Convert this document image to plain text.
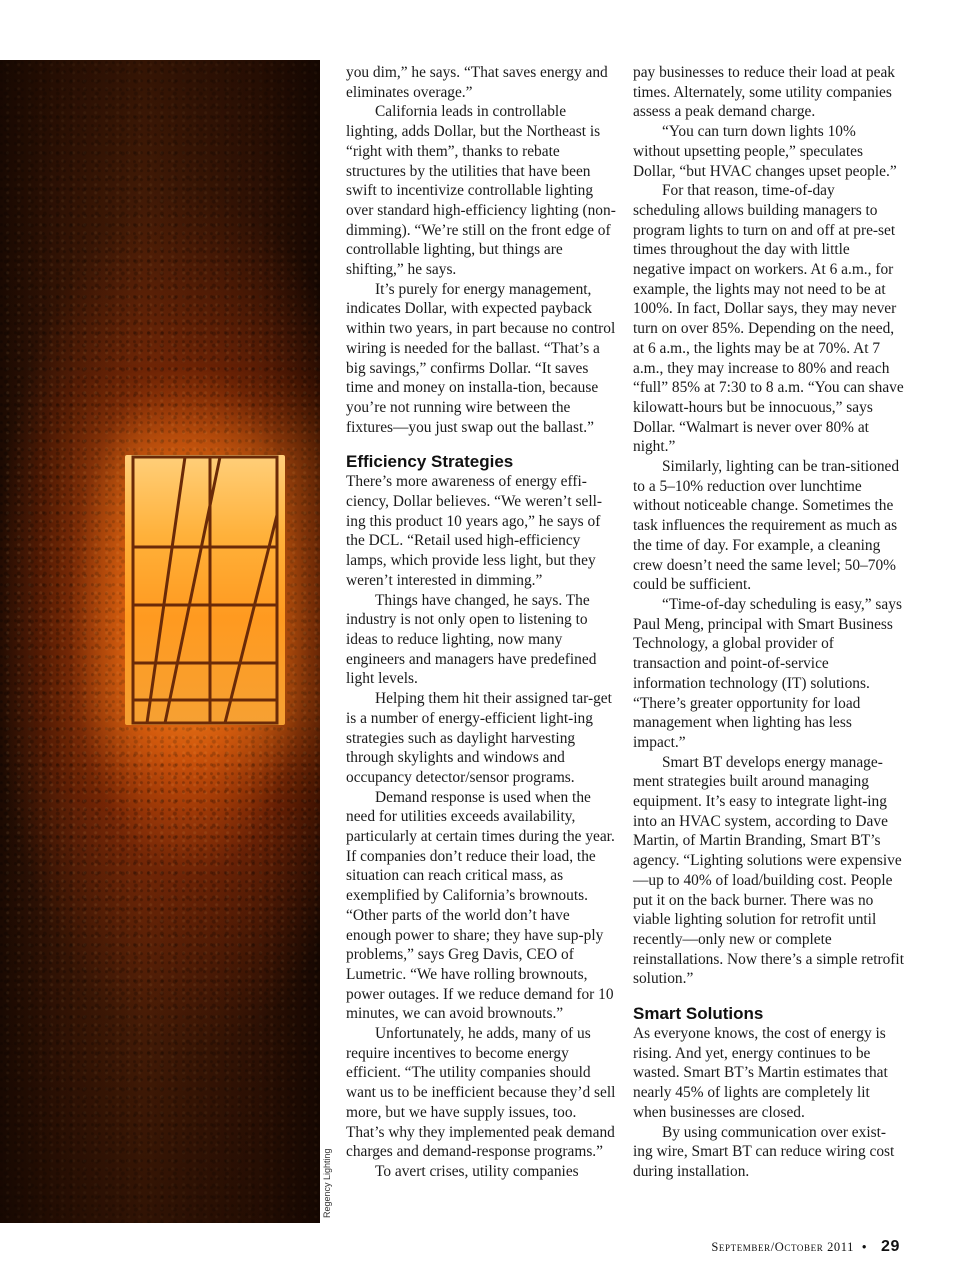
Regency Lighting

you dim,” he says. “That saves energy and eliminates overage.”

California leads in controllable lighting, adds Dollar, but the Northeast is “right with them”, thanks to rebate structures by the utilities that have been swift to incentivize controllable lighting over standard high-efficiency lighting (non-dimming). “We’re still on the front edge of controllable lighting, but things are shifting,” he says.

It’s purely for energy management, indicates Dollar, with expected payback within two years, in part because no control wiring is needed for the ballast. “That’s a big savings,” confirms Dollar. “It saves time and money on installa-tion, because you’re not running wire between the fixtures—you just swap out the ballast.”

Efficiency Strategies

There’s more awareness of energy effi-ciency, Dollar believes. “We weren’t sell-ing this product 10 years ago,” he says of the DCL. “Retail used high-efficiency lamps, which provide less light, but they weren’t interested in dimming.”

Things have changed, he says. The industry is not only open to listening to ideas to reduce lighting, now many engineers and managers have predefined light levels.

Helping them hit their assigned tar-get is a number of energy-efficient light-ing strategies such as daylight harvesting through skylights and windows and occupancy detector/sensor programs.

Demand response is used when the need for utilities exceeds availability, particularly at certain times during the year. If companies don’t reduce their load, the situation can reach critical mass, as exemplified by California’s brownouts. “Other parts of the world don’t have enough power to share; they have sup-ply problems,” says Greg Davis, CEO of Lumetric. “We have rolling brownouts, power outages. If we reduce demand for 10 minutes, we can avoid brownouts.”

Unfortunately, he adds, many of us require incentives to become energy efficient. “The utility companies should want us to be inefficient because they’d sell more, but we have supply issues, too. That’s why they implemented peak demand charges and demand-response programs.”

To avert crises, utility companies

pay businesses to reduce their load at peak times. Alternately, some utility companies assess a peak demand charge.

“You can turn down lights 10% without upsetting people,” speculates Dollar, “but HVAC changes upset people.”

For that reason, time-of-day scheduling allows building managers to program lights to turn on and off at pre-set times throughout the day with little negative impact on workers. At 6 a.m., for example, the lights may not need to be at 100%. In fact, Dollar says, they may never turn on over 85%. Depending on the need, at 6 a.m., the lights may be at 70%. At 7 a.m., they may increase to 80% and reach “full” 85% at 7:30 to 8 a.m. “You can shave kilowatt-hours but be innocuous,” says Dollar. “Walmart is never over 80% at night.”

Similarly, lighting can be tran-sitioned to a 5–10% reduction over lunchtime without noticeable change. Sometimes the task influences the requirement as much as the time of day. For example, a cleaning crew doesn’t need the same level; 50–70% could be sufficient.

“Time-of-day scheduling is easy,” says Paul Meng, principal with Smart Business Technology, a global provider of transaction and point-of-service information technology (IT) solutions. “There’s greater opportunity for load management when lighting has less impact.”

Smart BT develops energy manage-ment strategies built around managing equipment. It’s easy to integrate light-ing into an HVAC system, according to Dave Martin, of Martin Branding, Smart BT’s agency. “Lighting solutions were expensive—up to 40% of load/building cost. People put it on the back burner. There was no viable lighting solution for retrofit until recently—only new or complete reinstallations. Now there’s a simple retrofit solution.”

Smart Solutions

As everyone knows, the cost of energy is rising. And yet, energy continues to be wasted. Smart BT’s Martin estimates that nearly 45% of lights are completely lit when businesses are closed.

By using communication over exist-ing wire, Smart BT can reduce wiring cost during installation.

September/October 2011 • 29
